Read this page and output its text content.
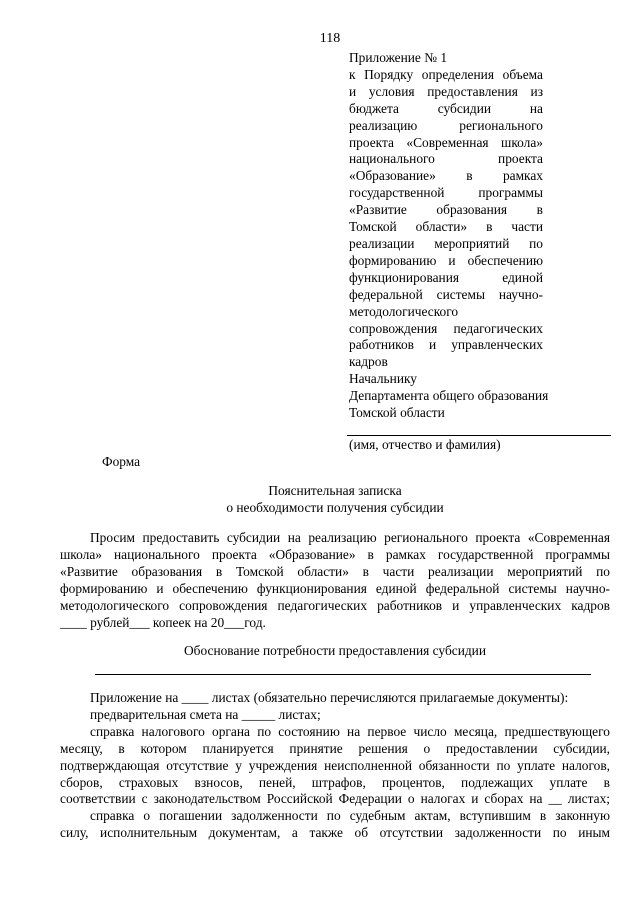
118
Приложение № 1
к Порядку определения объема
и условия предоставления из
бюджета субсидии на
реализацию регионального
проекта «Современная школа»
национального проекта
«Образование» в рамках
государственной программы
«Развитие образования в
Томской области» в части
реализации мероприятий по
формированию и обеспечению
функционирования единой
федеральной системы научно-
методологического
сопровождения педагогических
работников и управленческих
кадров
Начальнику
Департамента общего образования
Томской области
(имя, отчество и фамилия)
Форма
Пояснительная записка
о необходимости получения субсидии
Просим предоставить субсидии на реализацию регионального проекта «Современная
школа» национального проекта «Образование» в рамках государственной программы
«Развитие образования в Томской области» в части реализации мероприятий по
формированию и обеспечению функционирования единой федеральной системы научно-
методологического сопровождения педагогических работников и управленческих кадров
____ рублей___ копеек на 20___год.
Обоснование потребности предоставления субсидии
Приложение на ____ листах (обязательно перечисляются прилагаемые документы):
предварительная смета на _____ листах;
справка налогового органа по состоянию на первое число месяца, предшествующего
месяцу, в котором планируется принятие решения о предоставлении субсидии,
подтверждающая отсутствие у учреждения неисполненной обязанности по уплате налогов,
сборов, страховых взносов, пеней, штрафов, процентов, подлежащих уплате в
соответствии с законодательством Российской Федерации о налогах и сборах на __ листах;
справка о погашении задолженности по судебным актам, вступившим в законную
силу, исполнительным документам, а также об отсутствии задолженности по иным
